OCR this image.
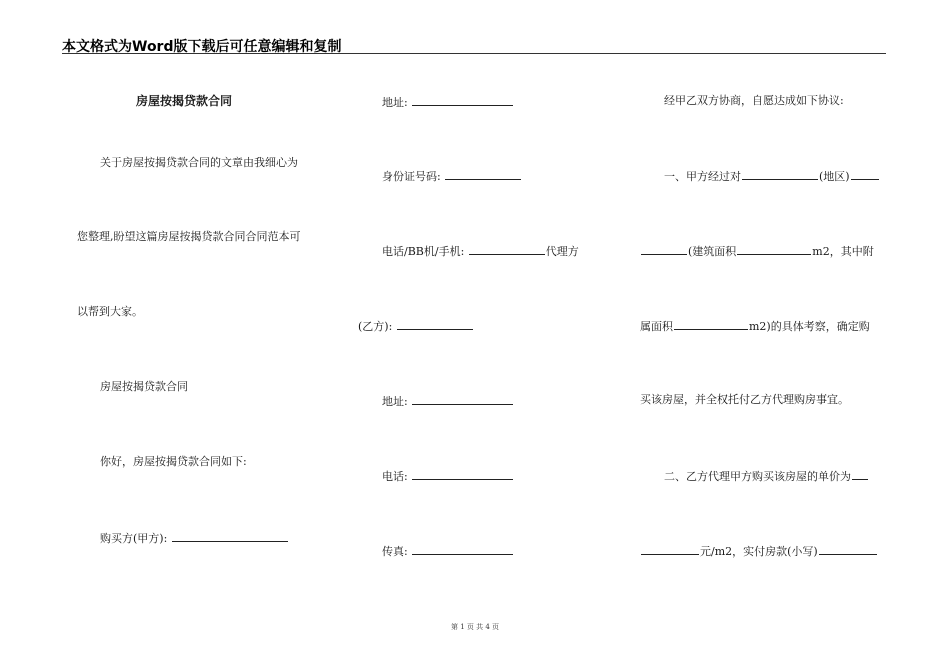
本文格式为Word版下载后可任意编辑和复制
房屋按揭贷款合同
关于房屋按揭贷款合同的文章由我细心为
您整理,盼望这篇房屋按揭贷款合同合同范本可
以帮到大家。
房屋按揭贷款合同
你好，房屋按揭贷款合同如下:
购买方(甲方):
地址:
身份证号码:
电话/BB机/手机:	代理方
(乙方):
地址:
电话:
传真:
经甲乙双方协商，自愿达成如下协议:
一、甲方经过对	(地区)
(建筑面积	m2，其中附
属面积	m2)的具体考察，确定购
买该房屋，并全权托付乙方代理购房事宜。
二、乙方代理甲方购买该房屋的单价为
元/m2，实付房款(小写)
第 1 页 共 4 页
